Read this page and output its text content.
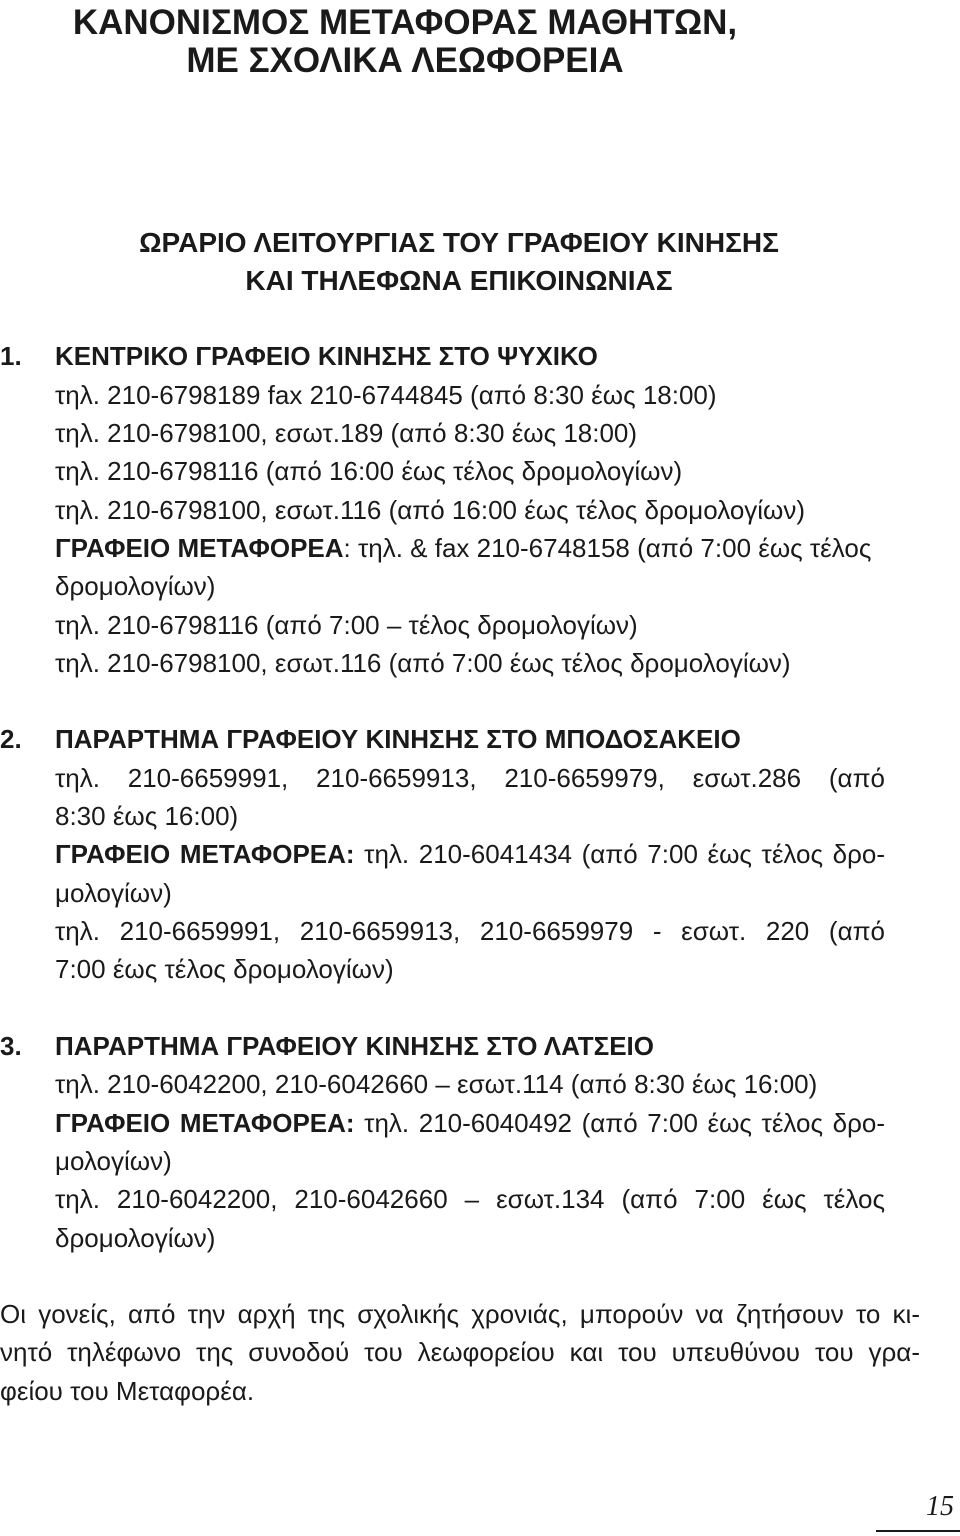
ΚΑΝΟΝΙΣΜΟΣ ΜΕΤΑΦΟΡΑΣ ΜΑΘΗΤΩΝ,
ΜΕ ΣΧΟΛΙΚΑ ΛΕΩΦΟΡΕΙΑ
ΩΡΑΡΙΟ ΛΕΙΤΟΥΡΓΙΑΣ ΤΟΥ ΓΡΑΦΕΙΟΥ ΚΙΝΗΣΗΣ
ΚΑΙ ΤΗΛΕΦΩΝΑ ΕΠΙΚΟΙΝΩΝΙΑΣ
1. ΚΕΝΤΡΙΚΟ ΓΡΑΦΕΙΟ ΚΙΝΗΣΗΣ ΣΤΟ ΨΥΧΙΚΟ
τηλ. 210-6798189 fax 210-6744845 (από 8:30 έως 18:00)
τηλ. 210-6798100, εσωτ.189 (από 8:30 έως 18:00)
τηλ. 210-6798116 (από 16:00 έως τέλος δρομολογίων)
τηλ. 210-6798100, εσωτ.116 (από 16:00 έως τέλος δρομολογίων)
ΓΡΑΦΕΙΟ ΜΕΤΑΦΟΡΕΑ: τηλ. & fax 210-6748158 (από 7:00 έως τέλος
δρομολογίων)
τηλ. 210-6798116 (από 7:00 – τέλος δρομολογίων)
τηλ. 210-6798100, εσωτ.116 (από 7:00 έως τέλος δρομολογίων)
2. ΠΑΡΑΡΤΗΜΑ ΓΡΑΦΕΙΟΥ ΚΙΝΗΣΗΣ ΣΤΟ ΜΠΟΔΟΣΑΚΕΙΟ
τηλ. 210-6659991, 210-6659913, 210-6659979, εσωτ.286 (από
8:30 έως 16:00)
ΓΡΑΦΕΙΟ ΜΕΤΑΦΟΡΕΑ: τηλ. 210-6041434 (από 7:00 έως τέλος δρο-
μολογίων)
τηλ. 210-6659991, 210-6659913, 210-6659979 - εσωτ. 220 (από
7:00 έως τέλος δρομολογίων)
3. ΠΑΡΑΡΤΗΜΑ ΓΡΑΦΕΙΟΥ ΚΙΝΗΣΗΣ ΣΤΟ ΛΑΤΣΕΙΟ
τηλ. 210-6042200, 210-6042660 – εσωτ.114 (από 8:30 έως 16:00)
ΓΡΑΦΕΙΟ ΜΕΤΑΦΟΡΕΑ: τηλ. 210-6040492 (από 7:00 έως τέλος δρο-
μολογίων)
τηλ. 210-6042200, 210-6042660 – εσωτ.134 (από 7:00 έως τέλος
δρομολογίων)
Οι γονείς, από την αρχή της σχολικής χρονιάς, μπορούν να ζητήσουν το κι-
νητό τηλέφωνο της συνοδού του λεωφορείου και του υπευθύνου του γρα-
φείου του Μεταφορέα.
15
